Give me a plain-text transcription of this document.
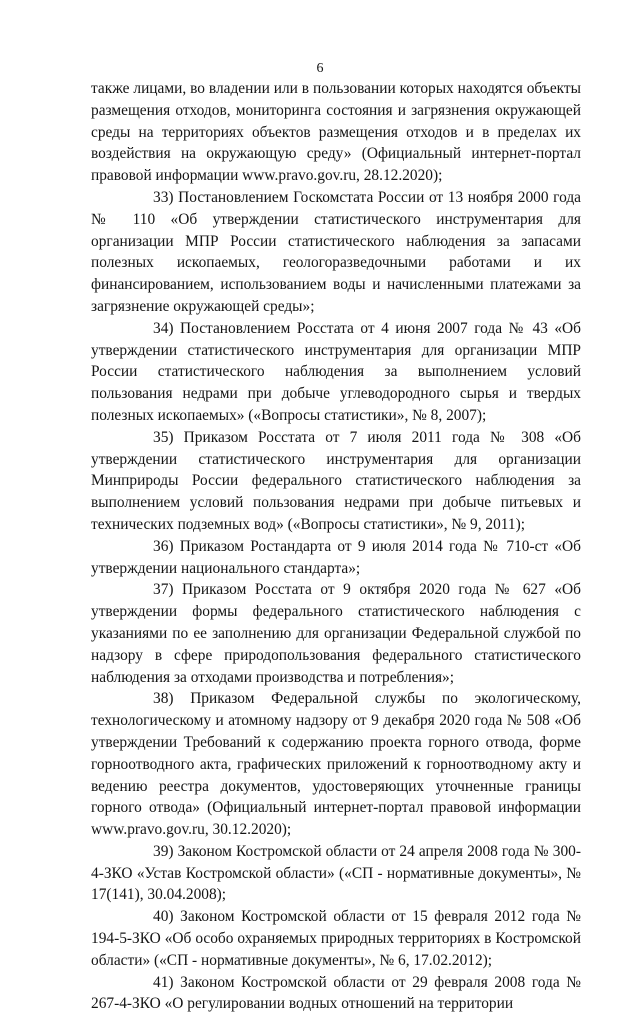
6

также лицами, во владении или в пользовании которых находятся объекты размещения отходов, мониторинга состояния и загрязнения окружающей среды на территориях объектов размещения отходов и в пределах их воздействия на окружающую среду» (Официальный интернет-портал правовой информации www.pravo.gov.ru, 28.12.2020);

33) Постановлением Госкомстата России от 13 ноября 2000 года № 110 «Об утверждении статистического инструментария для организации МПР России статистического наблюдения за запасами полезных ископаемых, геологоразведочными работами и их финансированием, использованием воды и начисленными платежами за загрязнение окружающей среды»;

34) Постановлением Росстата от 4 июня 2007 года № 43 «Об утверждении статистического инструментария для организации МПР России статистического наблюдения за выполнением условий пользования недрами при добыче углеводородного сырья и твердых полезных ископаемых» («Вопросы статистики», № 8, 2007);

35) Приказом Росстата от 7 июля 2011 года № 308 «Об утверждении статистического инструментария для организации Минприроды России федерального статистического наблюдения за выполнением условий пользования недрами при добыче питьевых и технических подземных вод» («Вопросы статистики», № 9, 2011);

36) Приказом Ростандарта от 9 июля 2014 года № 710-ст «Об утверждении национального стандарта»;

37) Приказом Росстата от 9 октября 2020 года № 627 «Об утверждении формы федерального статистического наблюдения с указаниями по ее заполнению для организации Федеральной службой по надзору в сфере природопользования федерального статистического наблюдения за отходами производства и потребления»;

38) Приказом Федеральной службы по экологическому, технологическому и атомному надзору от 9 декабря 2020 года № 508 «Об утверждении Требований к содержанию проекта горного отвода, форме горноотводного акта, графических приложений к горноотводному акту и ведению реестра документов, удостоверяющих уточненные границы горного отвода» (Официальный интернет-портал правовой информации www.pravo.gov.ru, 30.12.2020);

39) Законом Костромской области от 24 апреля 2008 года № 300-4-ЗКО «Устав Костромской области» («СП - нормативные документы», № 17(141), 30.04.2008);

40) Законом Костромской области от 15 февраля 2012 года № 194-5-ЗКО «Об особо охраняемых природных территориях в Костромской области» («СП - нормативные документы», № 6, 17.02.2012);

41) Законом Костромской области от 29 февраля 2008 года № 267-4-ЗКО «О регулировании водных отношений на территории
